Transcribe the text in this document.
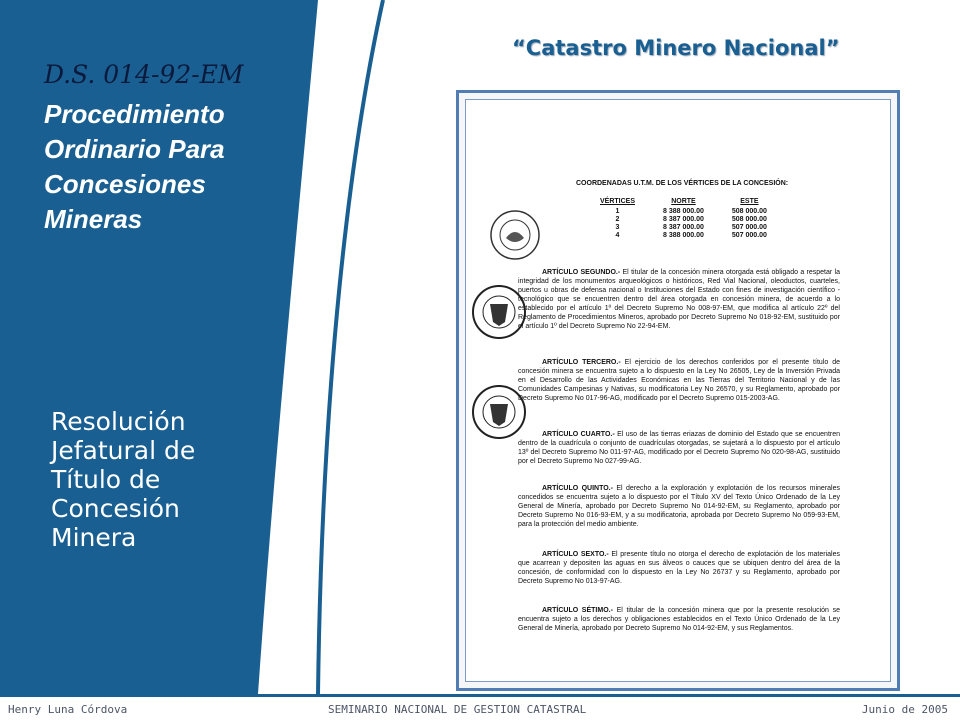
D.S. 014-92-EM
Procedimiento
Ordinario Para
Concesiones
Mineras
Resolución
Jefatural de
Título de
Concesión
Minera
“Catastro Minero Nacional”
COORDENADAS U.T.M. DE LOS VÉRTICES DE LA CONCESIÓN:
VÉRTICES	NORTE	ESTE
1	8 388 000.00	508 000.00
2	8 387 000.00	508 000.00
3	8 387 000.00	507 000.00
4	8 388 000.00	507 000.00
ARTÍCULO SEGUNDO.- El titular de la concesión minera otorgada está obligado a respetar la integridad de los monumentos arqueológicos o históricos, Red Vial Nacional, oleoductos, cuarteles, puertos u obras de defensa nacional o Instituciones del Estado con fines de investigación científico - tecnológico que se encuentren dentro del área otorgada en concesión minera, de acuerdo a lo establecido por el artículo 1º del Decreto Supremo No 008-97-EM, que modifica al artículo 22º del Reglamento de Procedimientos Mineros, aprobado por Decreto Supremo No 018-92-EM, sustituido por el artículo 1º del Decreto Supremo No 22-94-EM.
ARTÍCULO TERCERO.- El ejercicio de los derechos conferidos por el presente título de concesión minera se encuentra sujeto a lo dispuesto en la Ley No 26505, Ley de la Inversión Privada en el Desarrollo de las Actividades Económicas en las Tierras del Territorio Nacional y de las Comunidades Campesinas y Nativas, su modificatoria Ley No 26570, y su Reglamento, aprobado por Decreto Supremo No 017-96-AG, modificado por el Decreto Supremo 015-2003-AG.
ARTÍCULO CUARTO.- El uso de las tierras eriazas de dominio del Estado que se encuentren dentro de la cuadrícula o conjunto de cuadrículas otorgadas, se sujetará a lo dispuesto por el artículo 13º del Decreto Supremo No 011-97-AG, modificado por el Decreto Supremo No 020-98-AG, sustituido por el Decreto Supremo No 027-99-AG.
ARTÍCULO QUINTO.- El derecho a la exploración y explotación de los recursos minerales concedidos se encuentra sujeto a lo dispuesto por el Título XV del Texto Único Ordenado de la Ley General de Minería, aprobado por Decreto Supremo No 014-92-EM, su Reglamento, aprobado por Decreto Supremo No 016-93-EM, y a su modificatoria, aprobada por Decreto Supremo No 059-93-EM, para la protección del medio ambiente.
ARTÍCULO SEXTO.- El presente título no otorga el derecho de explotación de los materiales que acarrean y depositen las aguas en sus álveos o cauces que se ubiquen dentro del área de la concesión, de conformidad con lo dispuesto en la Ley No 26737 y su Reglamento, aprobado por Decreto Supremo No 013-97-AG.
ARTÍCULO SÉTIMO.- El titular de la concesión minera que por la presente resolución se encuentra sujeto a los derechos y obligaciones establecidos en el Texto Único Ordenado de la Ley General de Minería, aprobado por Decreto Supremo No 014-92-EM, y sus Reglamentos.
Henry Luna Córdova	SEMINARIO NACIONAL DE GESTION CATASTRAL	Junio de 2005
